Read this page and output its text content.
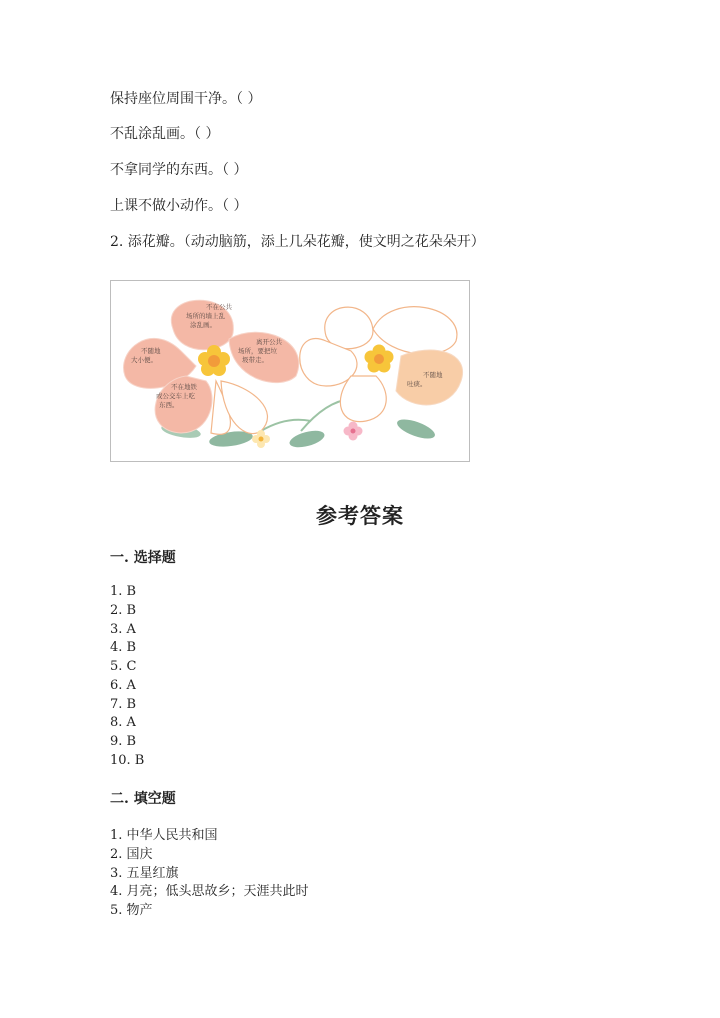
保持座位周围干净。（ ）
不乱涂乱画。（ ）
不拿同学的东西。（ ）
上课不做小动作。（ ）
2. 添花瓣。（动动脑筋，添上几朵花瓣，使文明之花朵朵开）
不在公共
场所的墙上乱
涂乱画。
离开公共
场所，要把垃
圾带走。
不随地
大小便。
不在地铁
或公交车上吃
东西。
不随地
吐痰。
参考答案
一. 选择题
1. B
2. B
3. A
4. B
5. C
6. A
7. B
8. A
9. B
10. B
二. 填空题
1. 中华人民共和国
2. 国庆
3. 五星红旗
4. 月亮；低头思故乡；天涯共此时
5. 物产
